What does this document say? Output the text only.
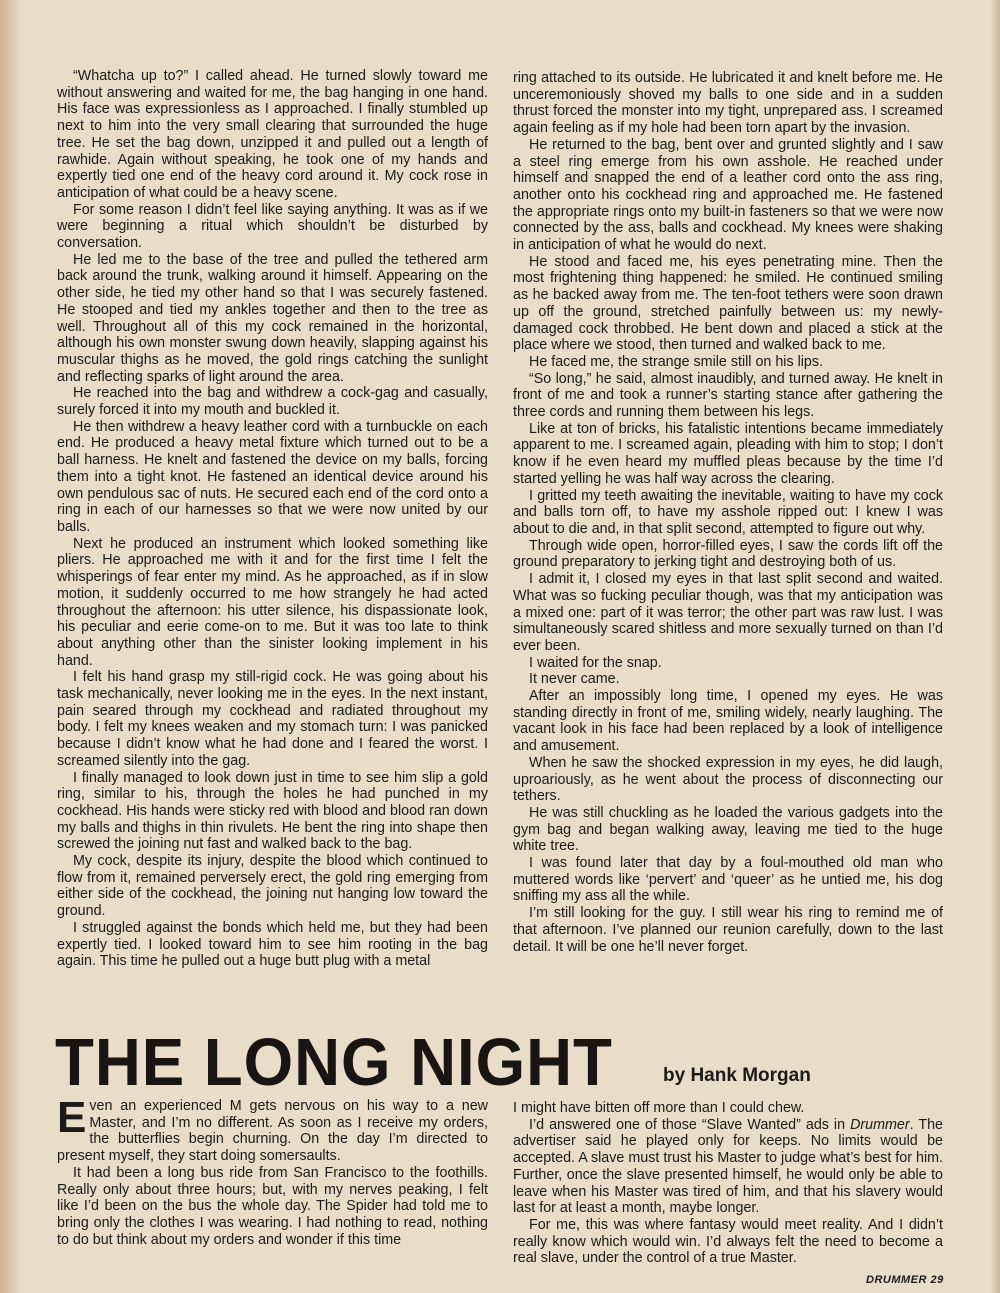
“Whatcha up to?” I called ahead. He turned slowly toward me without answering and waited for me, the bag hanging in one hand. His face was expressionless as I approached. I finally stumbled up next to him into the very small clearing that surrounded the huge tree. He set the bag down, unzipped it and pulled out a length of rawhide. Again without speaking, he took one of my hands and expertly tied one end of the heavy cord around it. My cock rose in anticipation of what could be a heavy scene.

For some reason I didn’t feel like saying anything. It was as if we were beginning a ritual which shouldn’t be disturbed by conversation.

He led me to the base of the tree and pulled the tethered arm back around the trunk, walking around it himself. Appearing on the other side, he tied my other hand so that I was securely fastened. He stooped and tied my ankles together and then to the tree as well. Throughout all of this my cock remained in the horizontal, although his own monster swung down heavily, slapping against his muscular thighs as he moved, the gold rings catching the sunlight and reflecting sparks of light around the area.

He reached into the bag and withdrew a cock-gag and casually, surely forced it into my mouth and buckled it.

He then withdrew a heavy leather cord with a turnbuckle on each end. He produced a heavy metal fixture which turned out to be a ball harness. He knelt and fastened the device on my balls, forcing them into a tight knot. He fastened an identical device around his own pendulous sac of nuts. He secured each end of the cord onto a ring in each of our harnesses so that we were now united by our balls.

Next he produced an instrument which looked something like pliers. He approached me with it and for the first time I felt the whisperings of fear enter my mind. As he approached, as if in slow motion, it suddenly occurred to me how strangely he had acted throughout the afternoon: his utter silence, his dispassionate look, his peculiar and eerie come-on to me. But it was too late to think about anything other than the sinister looking implement in his hand.

I felt his hand grasp my still-rigid cock. He was going about his task mechanically, never looking me in the eyes. In the next instant, pain seared through my cockhead and radiated throughout my body. I felt my knees weaken and my stomach turn: I was panicked because I didn’t know what he had done and I feared the worst. I screamed silently into the gag.

I finally managed to look down just in time to see him slip a gold ring, similar to his, through the holes he had punched in my cockhead. His hands were sticky red with blood and blood ran down my balls and thighs in thin rivulets. He bent the ring into shape then screwed the joining nut fast and walked back to the bag.

My cock, despite its injury, despite the blood which continued to flow from it, remained perversely erect, the gold ring emerging from either side of the cockhead, the joining nut hanging low toward the ground.

I struggled against the bonds which held me, but they had been expertly tied. I looked toward him to see him rooting in the bag again. This time he pulled out a huge butt plug with a metal

ring attached to its outside. He lubricated it and knelt before me. He unceremoniously shoved my balls to one side and in a sudden thrust forced the monster into my tight, unprepared ass. I screamed again feeling as if my hole had been torn apart by the invasion.

He returned to the bag, bent over and grunted slightly and I saw a steel ring emerge from his own asshole. He reached under himself and snapped the end of a leather cord onto the ass ring, another onto his cockhead ring and approached me. He fastened the appropriate rings onto my built-in fasteners so that we were now connected by the ass, balls and cockhead. My knees were shaking in anticipation of what he would do next.

He stood and faced me, his eyes penetrating mine. Then the most frightening thing happened: he smiled. He continued smiling as he backed away from me. The ten-foot tethers were soon drawn up off the ground, stretched painfully between us: my newly-damaged cock throbbed. He bent down and placed a stick at the place where we stood, then turned and walked back to me.

He faced me, the strange smile still on his lips.

“So long,” he said, almost inaudibly, and turned away. He knelt in front of me and took a runner’s starting stance after gathering the three cords and running them between his legs.

Like at ton of bricks, his fatalistic intentions became immediately apparent to me. I screamed again, pleading with him to stop; I don’t know if he even heard my muffled pleas because by the time I’d started yelling he was half way across the clearing.

I gritted my teeth awaiting the inevitable, waiting to have my cock and balls torn off, to have my asshole ripped out: I knew I was about to die and, in that split second, attempted to figure out why.

Through wide open, horror-filled eyes, I saw the cords lift off the ground preparatory to jerking tight and destroying both of us.

I admit it, I closed my eyes in that last split second and waited. What was so fucking peculiar though, was that my anticipation was a mixed one: part of it was terror; the other part was raw lust. I was simultaneously scared shitless and more sexually turned on than I’d ever been.

I waited for the snap.

It never came.

After an impossibly long time, I opened my eyes. He was standing directly in front of me, smiling widely, nearly laughing. The vacant look in his face had been replaced by a look of intelligence and amusement.

When he saw the shocked expression in my eyes, he did laugh, uproariously, as he went about the process of disconnecting our tethers.

He was still chuckling as he loaded the various gadgets into the gym bag and began walking away, leaving me tied to the huge white tree.

I was found later that day by a foul-mouthed old man who muttered words like ‘pervert’ and ‘queer’ as he untied me, his dog sniffing my ass all the while.

I’m still looking for the guy. I still wear his ring to remind me of that afternoon. I’ve planned our reunion carefully, down to the last detail. It will be one he’ll never forget.

THE LONG NIGHT	by Hank Morgan

Even an experienced M gets nervous on his way to a new Master, and I’m no different. As soon as I receive my orders, the butterflies begin churning. On the day I’m directed to present myself, they start doing somersaults.

It had been a long bus ride from San Francisco to the foothills. Really only about three hours; but, with my nerves peaking, I felt like I’d been on the bus the whole day. The Spider had told me to bring only the clothes I was wearing. I had nothing to read, nothing to do but think about my orders and wonder if this time

I might have bitten off more than I could chew.

I’d answered one of those “Slave Wanted” ads in Drummer. The advertiser said he played only for keeps. No limits would be accepted. A slave must trust his Master to judge what’s best for him. Further, once the slave presented himself, he would only be able to leave when his Master was tired of him, and that his slavery would last for at least a month, maybe longer.

For me, this was where fantasy would meet reality. And I didn’t really know which would win. I’d always felt the need to become a real slave, under the control of a true Master.

DRUMMER 29
